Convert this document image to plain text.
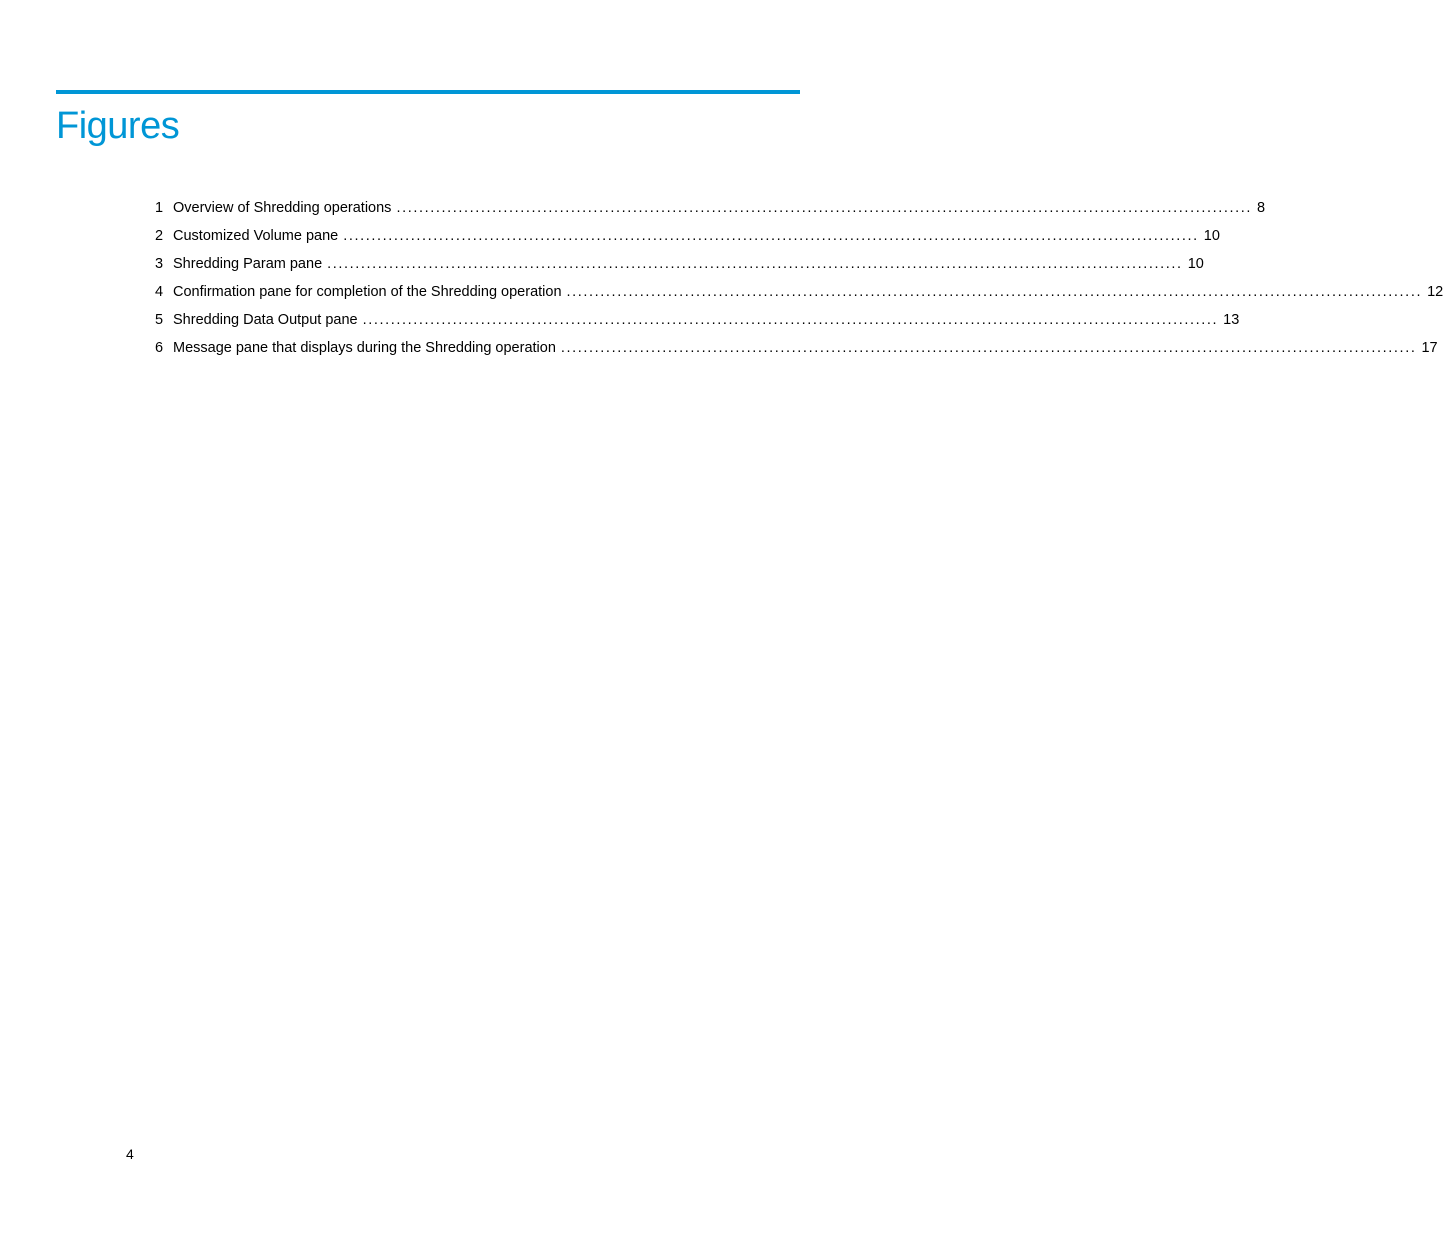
Figures
1 Overview of Shredding operations ........................................................................................................................................................ 8
2 Customized Volume pane ........................................................................................................................................................ 10
3 Shredding Param pane ........................................................................................................................................................ 10
4 Confirmation pane for completion of the Shredding operation ........................................................................................................................................................ 12
5 Shredding Data Output pane ........................................................................................................................................................ 13
6 Message pane that displays during the Shredding operation ........................................................................................................................................................ 17
4
